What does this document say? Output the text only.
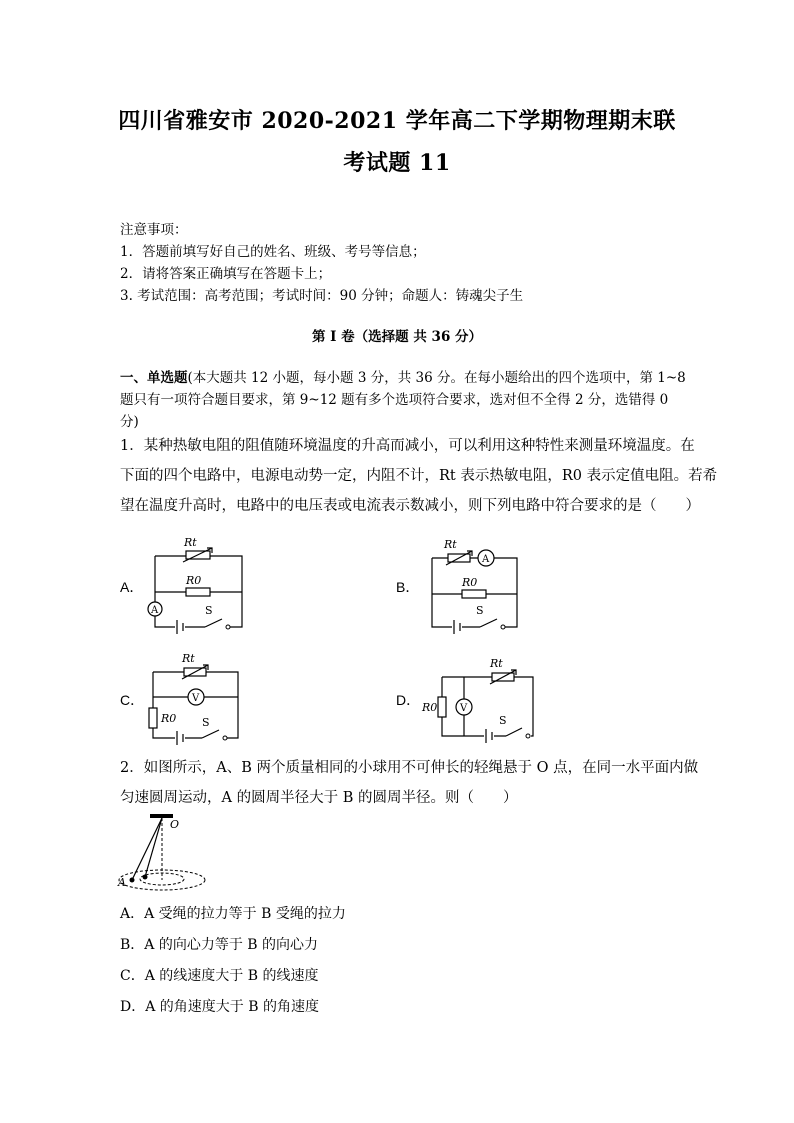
四川省雅安市 2020-2021 学年高二下学期物理期末联
考试题 11
注意事项：
1．答题前填写好自己的姓名、班级、考号等信息；
2．请将答案正确填写在答题卡上；
3. 考试范围：高考范围；考试时间：90 分钟；命题人：铸魂尖子生
第 I 卷（选择题 共 36 分）
一、单选题(本大题共 12 小题，每小题 3 分，共 36 分。在每小题给出的四个选项中，第 1~8
题只有一项符合题目要求，第 9~12 题有多个选项符合要求，选对但不全得 2 分，选错得 0
分)
1．某种热敏电阻的阻值随环境温度的升高而减小，可以利用这种特性来测量环境温度。在
下面的四个电路中，电源电动势一定，内阻不计，Rt 表示热敏电阻，R0 表示定值电阻。若希
望在温度升高时，电路中的电压表或电流表示数减小，则下列电路中符合要求的是（　　）
A．
Rt
R0
A	S
B．
Rt
A
R0
S
C．
Rt
V
R0 S
D．
Rt
R0 V
S
2．如图所示，A、B 两个质量相同的小球用不可伸长的轻绳悬于 O 点，在同一水平面内做
匀速圆周运动，A 的圆周半径大于 B 的圆周半径。则（　　）
O
A
A．A 受绳的拉力等于 B 受绳的拉力
B．A 的向心力等于 B 的向心力
C．A 的线速度大于 B 的线速度
D．A 的角速度大于 B 的角速度
